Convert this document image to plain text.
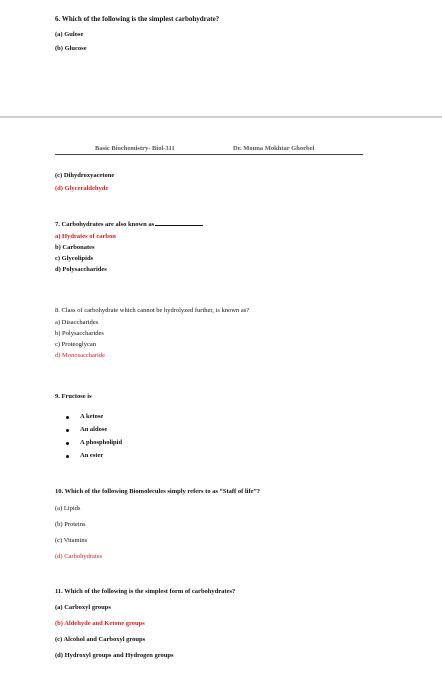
6. Which of the following is the simplest carbohydrate?
(a) Gulose
(b) Glucose
Basic Biochemistry- Biol-311	Dr. Mouna Mokhtar Ghorbel
(c) Dihydroxyacetone
(d) Glyceraldehyde
7. Carbohydrates are also known as
a) Hydrates of carbon
b) Carbonates
c) Glycolipids
d) Polysaccharides
8. Class of carbohydrate which cannot be hydrolyzed further, is known as?
a) Disaccharides
b) Polysaccharides
c) Proteoglycan
d) Monosaccharide
9. Fructose is
A ketose
An aldose
A phospholipid
An ester
10. Which of the following Biomolecules simply refers to as “Staff of life”?
(a) Lipids
(b) Proteins
(c) Vitamins
(d) Carbohydrates
11. Which of the following is the simplest form of carbohydrates?
(a) Carboxyl groups
(b) Aldehyde and Ketone groups
(c) Alcohol and Carboxyl groups
(d) Hydroxyl groups and Hydrogen groups
